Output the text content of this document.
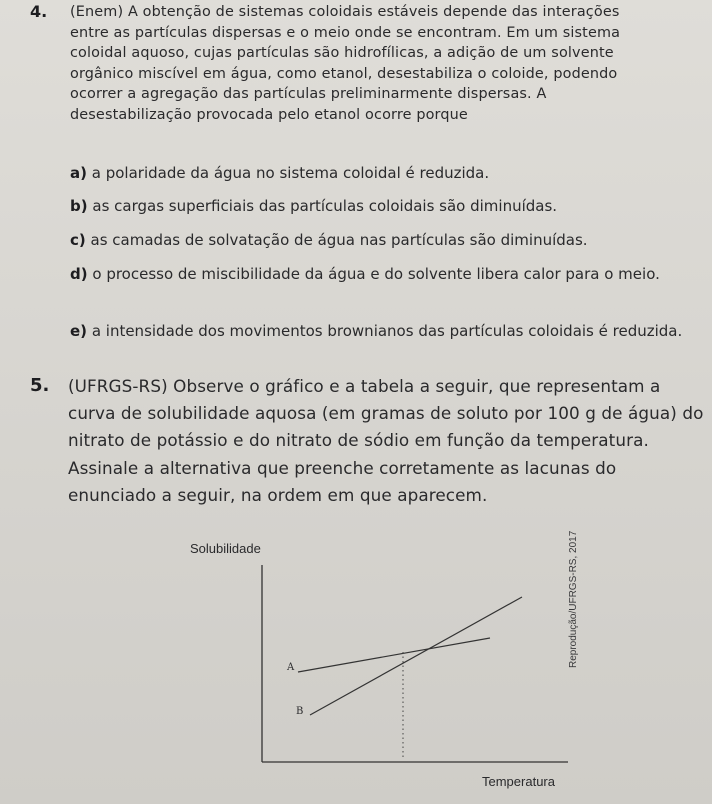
4. (Enem) A obtenção de sistemas coloidais estáveis depende das interações entre as partículas dispersas e o meio onde se encontram. Em um sistema coloidal aquoso, cujas partículas são hidrofílicas, a adição de um solvente orgânico miscível em água, como etanol, desestabiliza o coloide, podendo ocorrer a agregação das partículas preliminarmente dispersas. A desestabilização provocada pelo etanol ocorre porque
a) a polaridade da água no sistema coloidal é reduzida.
b) as cargas superficiais das partículas coloidais são diminuídas.
c) as camadas de solvatação de água nas partículas são diminuídas.
d) o processo de miscibilidade da água e do solvente libera calor para o meio.
e) a intensidade dos movimentos brownianos das partículas coloidais é reduzida.
5. (UFRGS-RS) Observe o gráfico e a tabela a seguir, que representam a curva de solubilidade aquosa (em gramas de soluto por 100 g de água) do nitrato de potássio e do nitrato de sódio em função da temperatura. Assinale a alternativa que preenche corretamente as lacunas do enunciado a seguir, na ordem em que aparecem.
Solubilidade
A
B
Temperatura
Reprodução/UFRGS-RS, 2017
